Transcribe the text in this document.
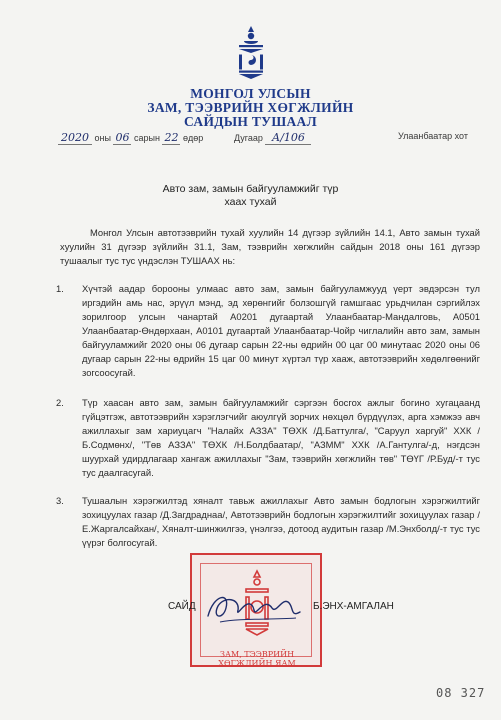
МОНГОЛ УЛСЫН
ЗАМ, ТЭЭВРИЙН ХӨГЖЛИЙН
САЙДЫН ТУШААЛ
2020 оны 06 сарын 22 өдөр	Дугаар А/106	Улаанбаатар хот
Авто зам, замын байгууламжийг түр
хаах тухай
Монгол Улсын автотээврийн тухай хуулийн 14 дүгээр зүйлийн 14.1, Авто замын тухай хуулийн 31 дүгээр зүйлийн 31.1, Зам, тээврийн хөгжлийн сайдын 2018 оны 161 дүгээр тушаалыг тус тус үндэслэн ТУШААХ нь:
1. Хүчтэй аадар борооны улмаас авто зам, замын байгууламжууд үерт эвдэрсэн тул иргэдийн амь нас, эрүүл мэнд, эд хөрөнгийг болзошгүй гамшгаас урьдчилан сэргийлэх зорилгоор улсын чанартай А0201 дугаартай Улаанбаатар-Мандалговь, А0501 Улаанбаатар-Өндөрхаан, А0101 дугаартай Улаанбаатар-Чойр чиглалийн авто зам, замын байгууламжийг 2020 оны 06 дугаар сарын 22-ны өдрийн 00 цаг 00 минутаас 2020 оны 06 дугаар сарын 22-ны өдрийн 15 цаг 00 минут хүртэл түр хааж, автотээврийн хөдөлгөөнийг зогсоосугай.
2. Түр хаасан авто зам, замын байгууламжийг сэргээн босгох ажлыг богино хугацаанд гүйцэтгэж, автотээврийн хэрэглэгчийг аюулгүй зорчих нөхцөл бүрдүүлэх, арга хэмжээ авч ажиллахыг зам хариуцагч "Налайх АЗЗА" ТӨХК /Д.Баттулга/, "Саруул харгуй" ХХК /Б.Содмөнх/, "Төв АЗЗА" ТӨХК /Н.Болдбаатар/, "АЗММ" ХХК /А.Гантулга/-д, нэгдсэн шуурхай удирдлагаар хангаж ажиллахыг "Зам, тээврийн хөгжлийн төв" ТӨҮГ /Р.Буд/-т тус тус даалгасугай.
3. Тушаалын хэрэгжилтэд хяналт тавьж ажиллахыг Авто замын бодлогын хэрэгжилтийг зохицуулах газар /Д.Загдраднаа/, Автотээврийн бодлогын хэрэгжилтийг зохицуулах газар /Е.Жаргалсайхан/, Хяналт-шинжилгээ, үнэлгээ, дотоод аудитын газар /М.Энхболд/-т тус тус үүрэг болгосугай.
ЗАМ, ТЭЭВРИЙН ХӨГЖЛИЙН ЯАМ
САЙД	Б.ЭНХ-АМГАЛАН
08 327
